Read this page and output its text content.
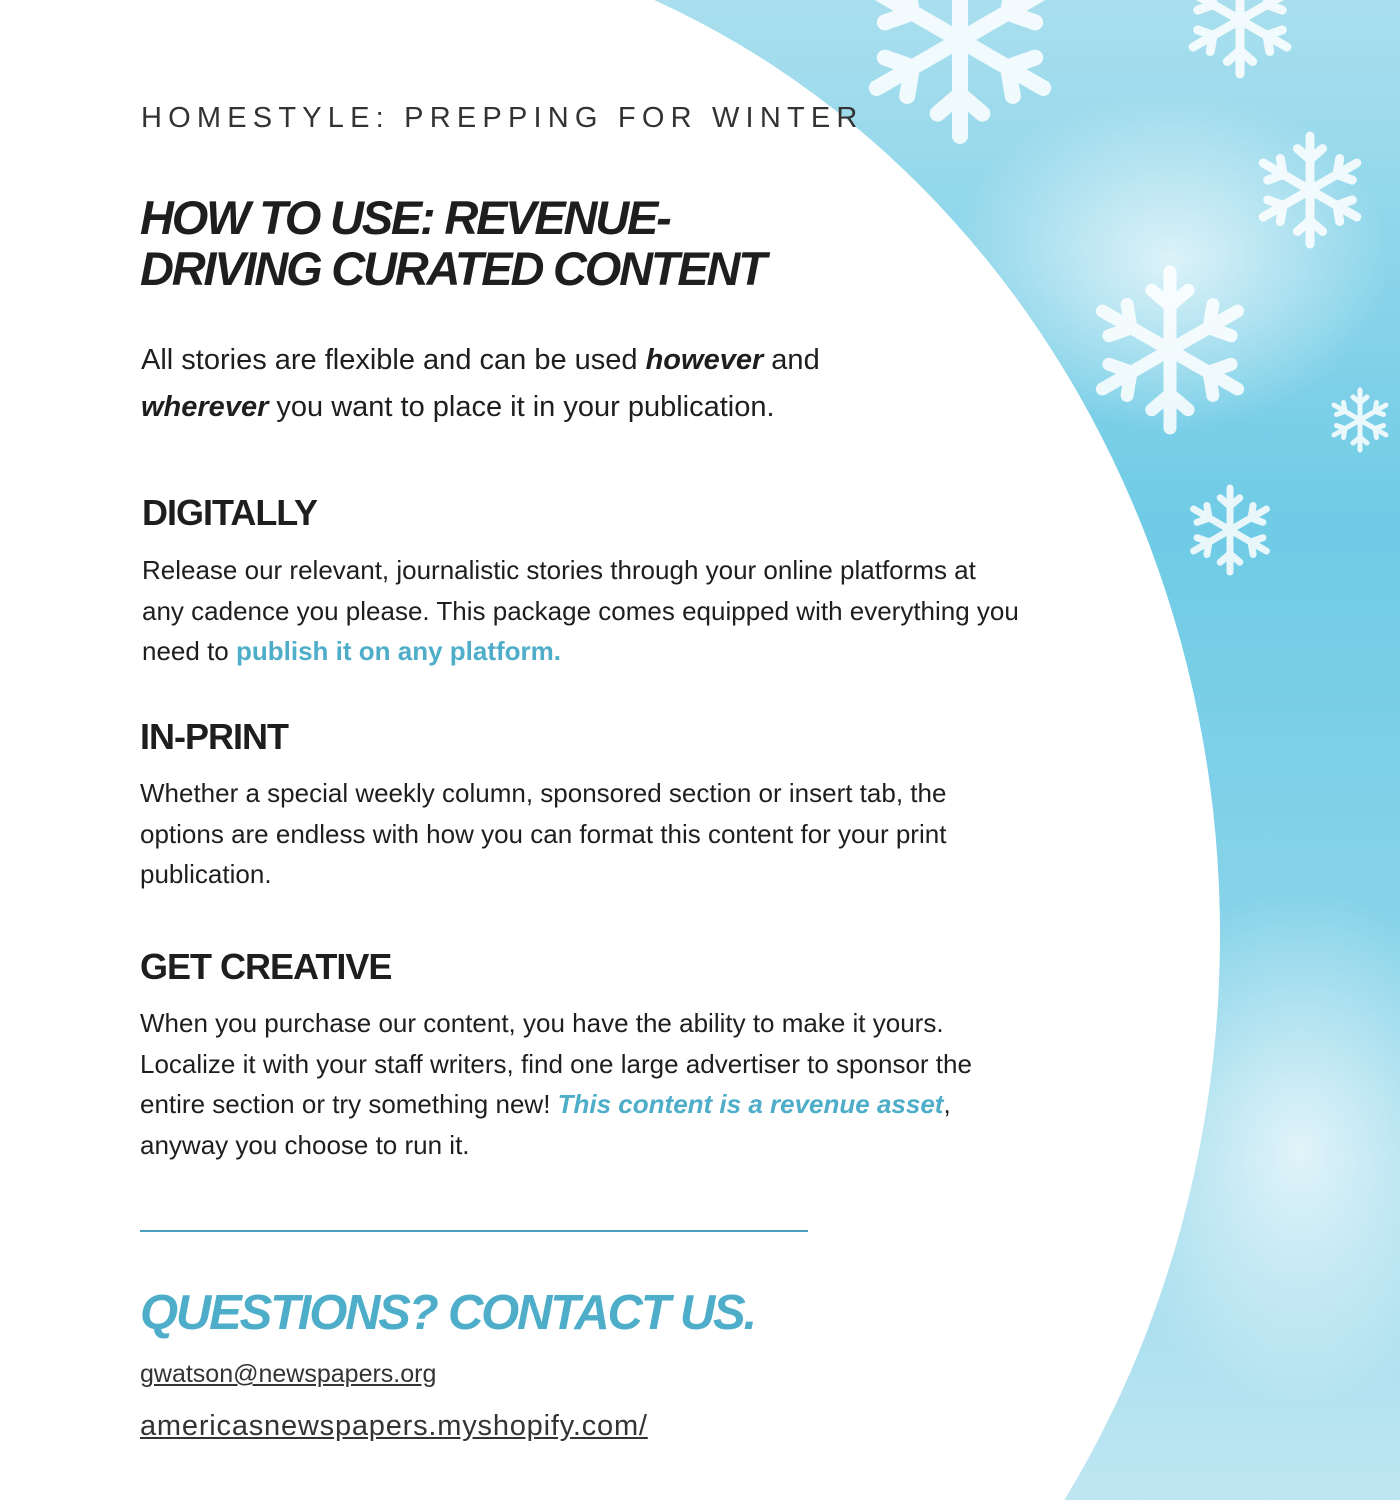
HOMESTYLE: PREPPING FOR WINTER
HOW TO USE: REVENUE-
DRIVING CURATED CONTENT

All stories are flexible and can be used however and
wherever you want to place it in your publication.

DIGITALLY

Release our relevant, journalistic stories through your online platforms at any cadence you please. This package comes equipped with everything you need to publish it on any platform.

IN-PRINT

Whether a special weekly column, sponsored section or insert tab, the options are endless with how you can format this content for your print publication.

GET CREATIVE

When you purchase our content, you have the ability to make it yours. Localize it with your staff writers, find one large advertiser to sponsor the entire section or try something new! This content is a revenue asset, anyway you choose to run it.

QUESTIONS? CONTACT US.
gwatson@newspapers.org
americasnewspapers.myshopify.com/
